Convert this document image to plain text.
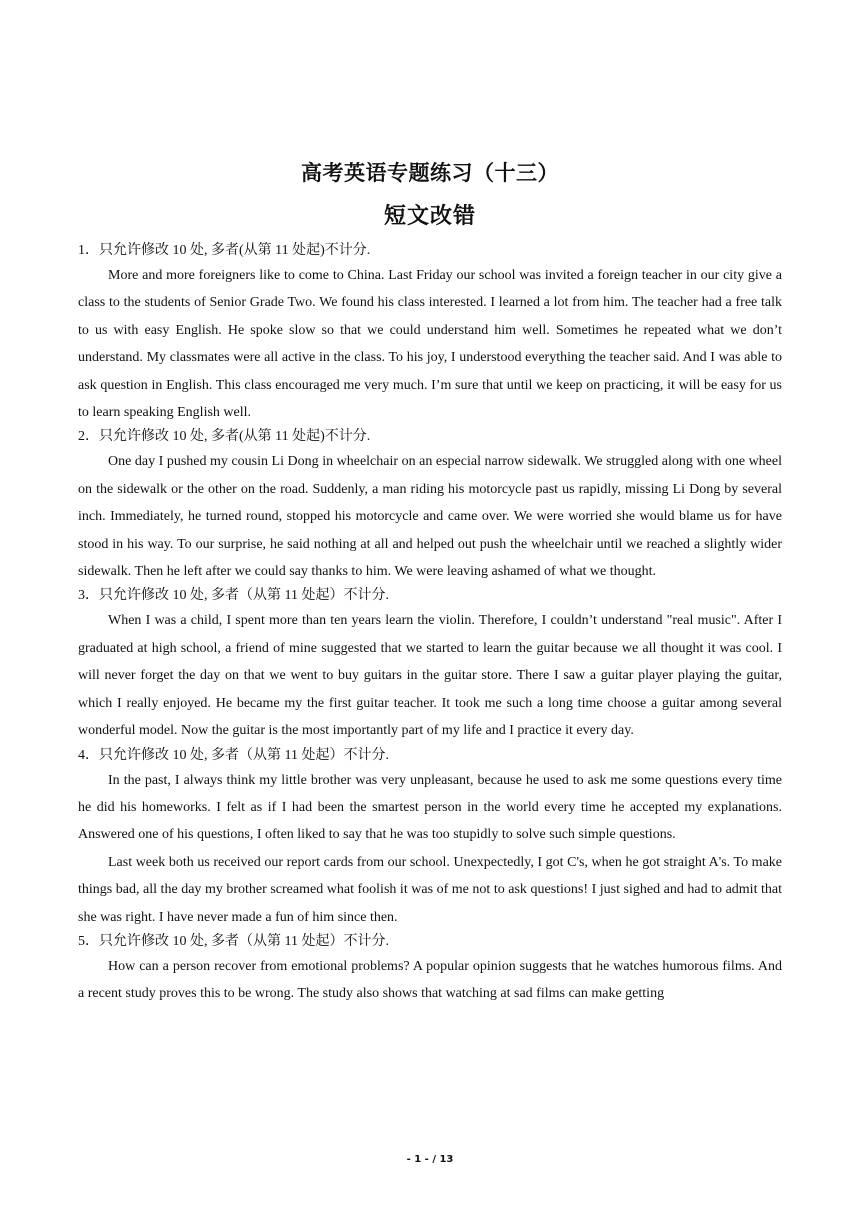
高考英语专题练习（十三）
短文改错

1．只允许修改 10 处, 多者(从第 11 处起)不计分.

More and more foreigners like to come to China. Last Friday our school was invited a foreign teacher in our city give a class to the students of Senior Grade Two. We found his class interested. I learned a lot from him. The teacher had a free talk to us with easy English. He spoke slow so that we could understand him well. Sometimes he repeated what we don’t understand. My classmates were all active in the class. To his joy, I understood everything the teacher said. And I was able to ask question in English. This class encouraged me very much. I’m sure that until we keep on practicing, it will be easy for us to learn speaking English well.

2．只允许修改 10 处, 多者(从第 11 处起)不计分.

One day I pushed my cousin Li Dong in wheelchair on an especial narrow sidewalk. We struggled along with one wheel on the sidewalk or the other on the road. Suddenly, a man riding his motorcycle past us rapidly, missing Li Dong by several inch. Immediately, he turned round, stopped his motorcycle and came over. We were worried she would blame us for have stood in his way. To our surprise, he said nothing at all and helped out push the wheelchair until we reached a slightly wider sidewalk. Then he left after we could say thanks to him. We were leaving ashamed of what we thought.

3．只允许修改 10 处, 多者（从第 11 处起）不计分.

When I was a child, I spent more than ten years learn the violin. Therefore, I couldn’t understand "real music". After I graduated at high school, a friend of mine suggested that we started to learn the guitar because we all thought it was cool. I will never forget the day on that we went to buy guitars in the guitar store. There I saw a guitar player playing the guitar, which I really enjoyed. He became my the first guitar teacher. It took me such a long time choose a guitar among several wonderful model. Now the guitar is the most importantly part of my life and I practice it every day.

4．只允许修改 10 处, 多者（从第 11 处起）不计分.

In the past, I always think my little brother was very unpleasant, because he used to ask me some questions every time he did his homeworks. I felt as if I had been the smartest person in the world every time he accepted my explanations. Answered one of his questions, I often liked to say that he was too stupidly to solve such simple questions.

Last week both us received our report cards from our school. Unexpectedly, I got C's, when he got straight A's. To make things bad, all the day my brother screamed what foolish it was of me not to ask questions! I just sighed and had to admit that she was right. I have never made a fun of him since then.

5．只允许修改 10 处, 多者（从第 11 处起）不计分.

How can a person recover from emotional problems? A popular opinion suggests that he watches humorous films. And a recent study proves this to be wrong. The study also shows that watching at sad films can make getting

- 1 - / 13
